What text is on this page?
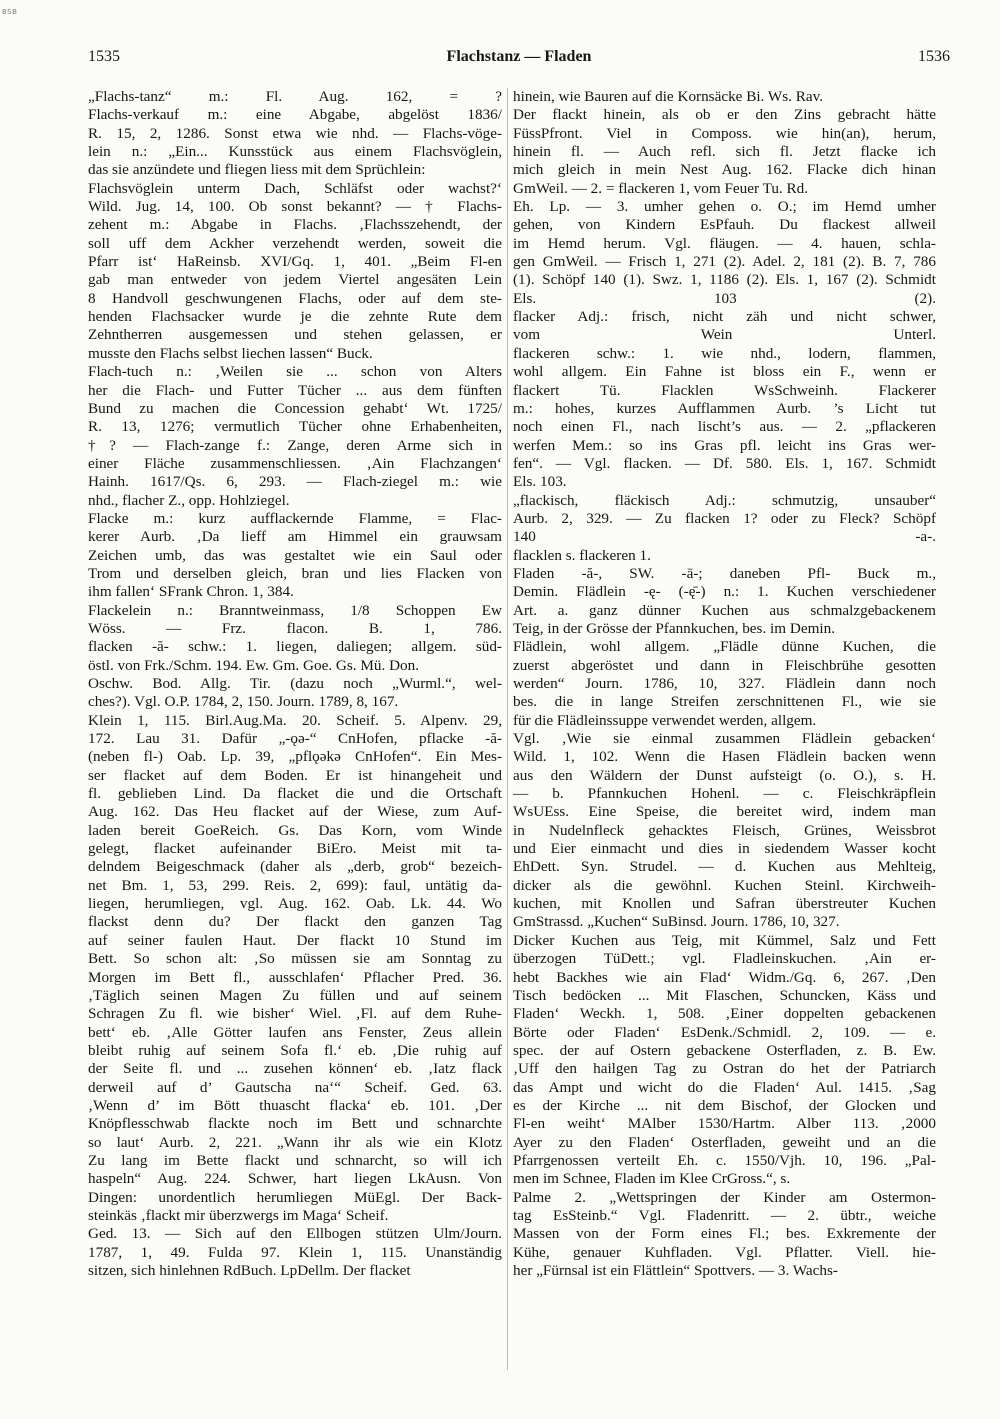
BSB
1535	Flachstanz — Fladen	1536
„Flachs-tanz“ m.: Fl. Aug. 162, = ?
Flachs-verkauf m.: eine Abgabe, abgelöst 1836/
R. 15, 2, 1286. Sonst etwa wie nhd. — Flachs-vöge-
lein n.: „Ein... Kunsstück aus einem Flachsvöglein,
das sie anzündete und fliegen liess mit dem Sprüchlein:
Flachsvöglein unterm Dach, Schläfst oder wachst?‘
Wild. Jug. 14, 100. Ob sonst bekannt? — † Flachs-
zehent m.: Abgabe in Flachs. ‚Flachsszehendt, der
soll uff dem Ackher verzehendt werden, soweit die
Pfarr ist‘ HaReinsb. XVI/Gq. 1, 401. „Beim Fl-en
gab man entweder von jedem Viertel angesäten Lein
8 Handvoll geschwungenen Flachs, oder auf dem ste-
henden Flachsacker wurde je die zehnte Rute dem
Zehntherren ausgemessen und stehen gelassen, er
musste den Flachs selbst liechen lassen“ Buck.
Flach-tuch n.: ‚Weilen sie ... schon von Alters
her die Flach- und Futter Tücher ... aus dem fünften
Bund zu machen die Concession gehabt‘ Wt. 1725/
R. 13, 1276; vermutlich Tücher ohne Erhabenheiten,
†? — Flach-zange f.: Zange, deren Arme sich in
einer Fläche zusammenschliessen. ‚Ain Flachzangen‘
Hainh. 1617/Qs. 6, 293. — Flach-ziegel m.: wie
nhd., flacher Z., opp. Hohlziegel.
Flacke m.: kurz aufflackernde Flamme, = Flac-
kerer Aurb. ‚Da lieff am Himmel ein grauwsam
Zeichen umb, das was gestaltet wie ein Saul oder
Trom und derselben gleich, bran und lies Flacken von
ihm fallen‘ SFrank Chron. 1, 384.
Flackelein n.: Branntweinmass, 1/8 Schoppen Ew
Wöss. — Frz. flacon. B. 1, 786.
flacken -ă- schw.: 1. liegen, daliegen; allgem. süd-
östl. von Frk./Schm. 194. Ew. Gm. Goe. Gs. Mü. Don.
Oschw. Bod. Allg. Tir. (dazu noch „Wurml.“, wel-
ches?). Vgl. O.P. 1784, 2, 150. Journ. 1789, 8, 167.
Klein 1, 115. Birl.Aug.Ma. 20. Scheif. 5. Alpenv. 29,
172. Lau 31. Dafür „-ǫǝ-“ CnHofen, pflacke -ă-
(neben fl-) Oab. Lp. 39, „pflǫǝkǝ CnHofen“. Ein Mes-
ser flacket auf dem Boden. Er ist hinangeheit und
fl. geblieben Lind. Da flacket die und die Ortschaft
Aug. 162. Das Heu flacket auf der Wiese, zum Auf-
laden bereit GoeReich. Gs. Das Korn, vom Winde
gelegt, flacket aufeinander BiEro. Meist mit ta-
delndem Beigeschmack (daher als „derb, grob“ bezeich-
net Bm. 1, 53, 299. Reis. 2, 699): faul, untätig da-
liegen, herumliegen, vgl. Aug. 162. Oab. Lk. 44. Wo
flackst denn du? Der flackt den ganzen Tag
auf seiner faulen Haut. Der flackt 10 Stund im
Bett. So schon alt: ‚So müssen sie am Sonntag zu
Morgen im Bett fl., ausschlafen‘ Pflacher Pred. 36.
‚Täglich seinen Magen Zu füllen und auf seinem
Schragen Zu fl. wie bisher‘ Wiel. ‚Fl. auf dem Ruhe-
bett‘ eb. ‚Alle Götter laufen ans Fenster, Zeus allein
bleibt ruhig auf seinem Sofa fl.‘ eb. ‚Die ruhig auf
der Seite fl. und ... zusehen können‘ eb. ‚Iatz flack
derweil auf d’ Gautscha na‘“ Scheif. Ged. 63.
‚Wenn d’ im Bött thuascht flacka‘ eb. 101. ‚Der
Knöpflesschwab flackte noch im Bett und schnarchte
so laut‘ Aurb. 2, 221. „Wann ihr als wie ein Klotz
Zu lang im Bette flackt und schnarcht, so will ich
haspeln“ Aug. 224. Schwer, hart liegen LkAusn. Von
Dingen: unordentlich herumliegen MüEgl. Der Back-
steinkäs ‚flackt mir überzwergs im Maga‘ Scheif.
Ged. 13. — Sich auf den Ellbogen stützen Ulm/Journ.
1787, 1, 49. Fulda 97. Klein 1, 115. Unanständig
sitzen, sich hinlehnen RdBuch. LpDellm. Der flacket
hinein, wie Bauren auf die Kornsäcke Bi. Ws. Rav.
Der flackt hinein, als ob er den Zins gebracht hätte
FüssPfront. Viel in Composs. wie hin(an), herum,
hinein fl. — Auch refl. sich fl. Jetzt flacke ich
mich gleich in mein Nest Aug. 162. Flacke dich hinan
GmWeil. — 2. = flackeren 1, vom Feuer Tu. Rd.
Eh. Lp. — 3. umher gehen o. O.; im Hemd umher
gehen, von Kindern EsPfauh. Du flackest allweil
im Hemd herum. Vgl. fläugen. — 4. hauen, schla-
gen GmWeil. — Frisch 1, 271 (2). Adel. 2, 181 (2). B. 7, 786
(1). Schöpf 140 (1). Swz. 1, 1186 (2). Els. 1, 167 (2). Schmidt
Els. 103 (2).
flacker Adj.: frisch, nicht zäh und nicht schwer,
vom Wein Unterl.
flackeren schw.: 1. wie nhd., lodern, flammen,
wohl allgem. Ein Fahne ist bloss ein F., wenn er
flackert Tü. Flacklen WsSchweinh. Flackerer
m.: hohes, kurzes Aufflammen Aurb. ’s Licht tut
noch einen Fl., nach lischt’s aus. — 2. „pflackeren
werfen Mem.: so ins Gras pfl. leicht ins Gras wer-
fen“. — Vgl. flacken. — Df. 580. Els. 1, 167. Schmidt
Els. 103.
„flackisch, fläckisch Adj.: schmutzig, unsauber“
Aurb. 2, 329. — Zu flacken 1? oder zu Fleck? Schöpf
140 -a-.
flacklen s. flackeren 1.
Fladen -ă-, SW. -ā-; daneben Pfl- Buck m.,
Demin. Flädlein -ę- (-ę̄-) n.: 1. Kuchen verschiedener
Art. a. ganz dünner Kuchen aus schmalzgebackenem
Teig, in der Grösse der Pfannkuchen, bes. im Demin.
Flädlein, wohl allgem. „Flädle dünne Kuchen, die
zuerst abgeröstet und dann in Fleischbrühe gesotten
werden“ Journ. 1786, 10, 327. Flädlein dann noch
bes. die in lange Streifen zerschnittenen Fl., wie sie
für die Flädleinssuppe verwendet werden, allgem.
Vgl. ‚Wie sie einmal zusammen Flädlein gebacken‘
Wild. 1, 102. Wenn die Hasen Flädlein backen wenn
aus den Wäldern der Dunst aufsteigt (o. O.), s. H.
— b. Pfannkuchen Hohenl. — c. Fleischkräpflein
WsUEss. Eine Speise, die bereitet wird, indem man
in Nudelnfleck gehacktes Fleisch, Grünes, Weissbrot
und Eier einmacht und dies in siedendem Wasser kocht
EhDett. Syn. Strudel. — d. Kuchen aus Mehlteig,
dicker als die gewöhnl. Kuchen Steinl. Kirchweih-
kuchen, mit Knollen und Safran überstreuter Kuchen
GmStrassd. „Kuchen“ SuBinsd. Journ. 1786, 10, 327.
Dicker Kuchen aus Teig, mit Kümmel, Salz und Fett
überzogen TüDett.; vgl. Fladleinskuchen. ‚Ain er-
hebt Backhes wie ain Flad‘ Widm./Gq. 6, 267. ‚Den
Tisch bedöcken ... Mit Flaschen, Schuncken, Käss und
Fladen‘ Weckh. 1, 508. ‚Einer doppelten gebackenen
Börte oder Fladen‘ EsDenk./Schmidl. 2, 109. — e.
spec. der auf Ostern gebackene Osterfladen, z. B. Ew.
‚Uff den hailgen Tag zu Ostran do het der Patriarch
das Ampt und wicht do die Fladen‘ Aul. 1415. ‚Sag
es der Kirche ... nit dem Bischof, der Glocken und
Fl-en weiht‘ MAlber 1530/Hartm. Alber 113. ‚2000
Ayer zu den Fladen‘ Osterfladen, geweiht und an die
Pfarrgenossen verteilt Eh. c. 1550/Vjh. 10, 196. „Pal-
men im Schnee, Fladen im Klee CrGross.“, s.
Palme 2. „Wettspringen der Kinder am Ostermon-
tag EsSteinb.“ Vgl. Fladenritt. — 2. übtr., weiche
Massen von der Form eines Fl.; bes. Exkremente der
Kühe, genauer Kuhfladen. Vgl. Pflatter. Viell. hie-
her „Fürnsal ist ein Flättlein“ Spottvers. — 3. Wachs-
